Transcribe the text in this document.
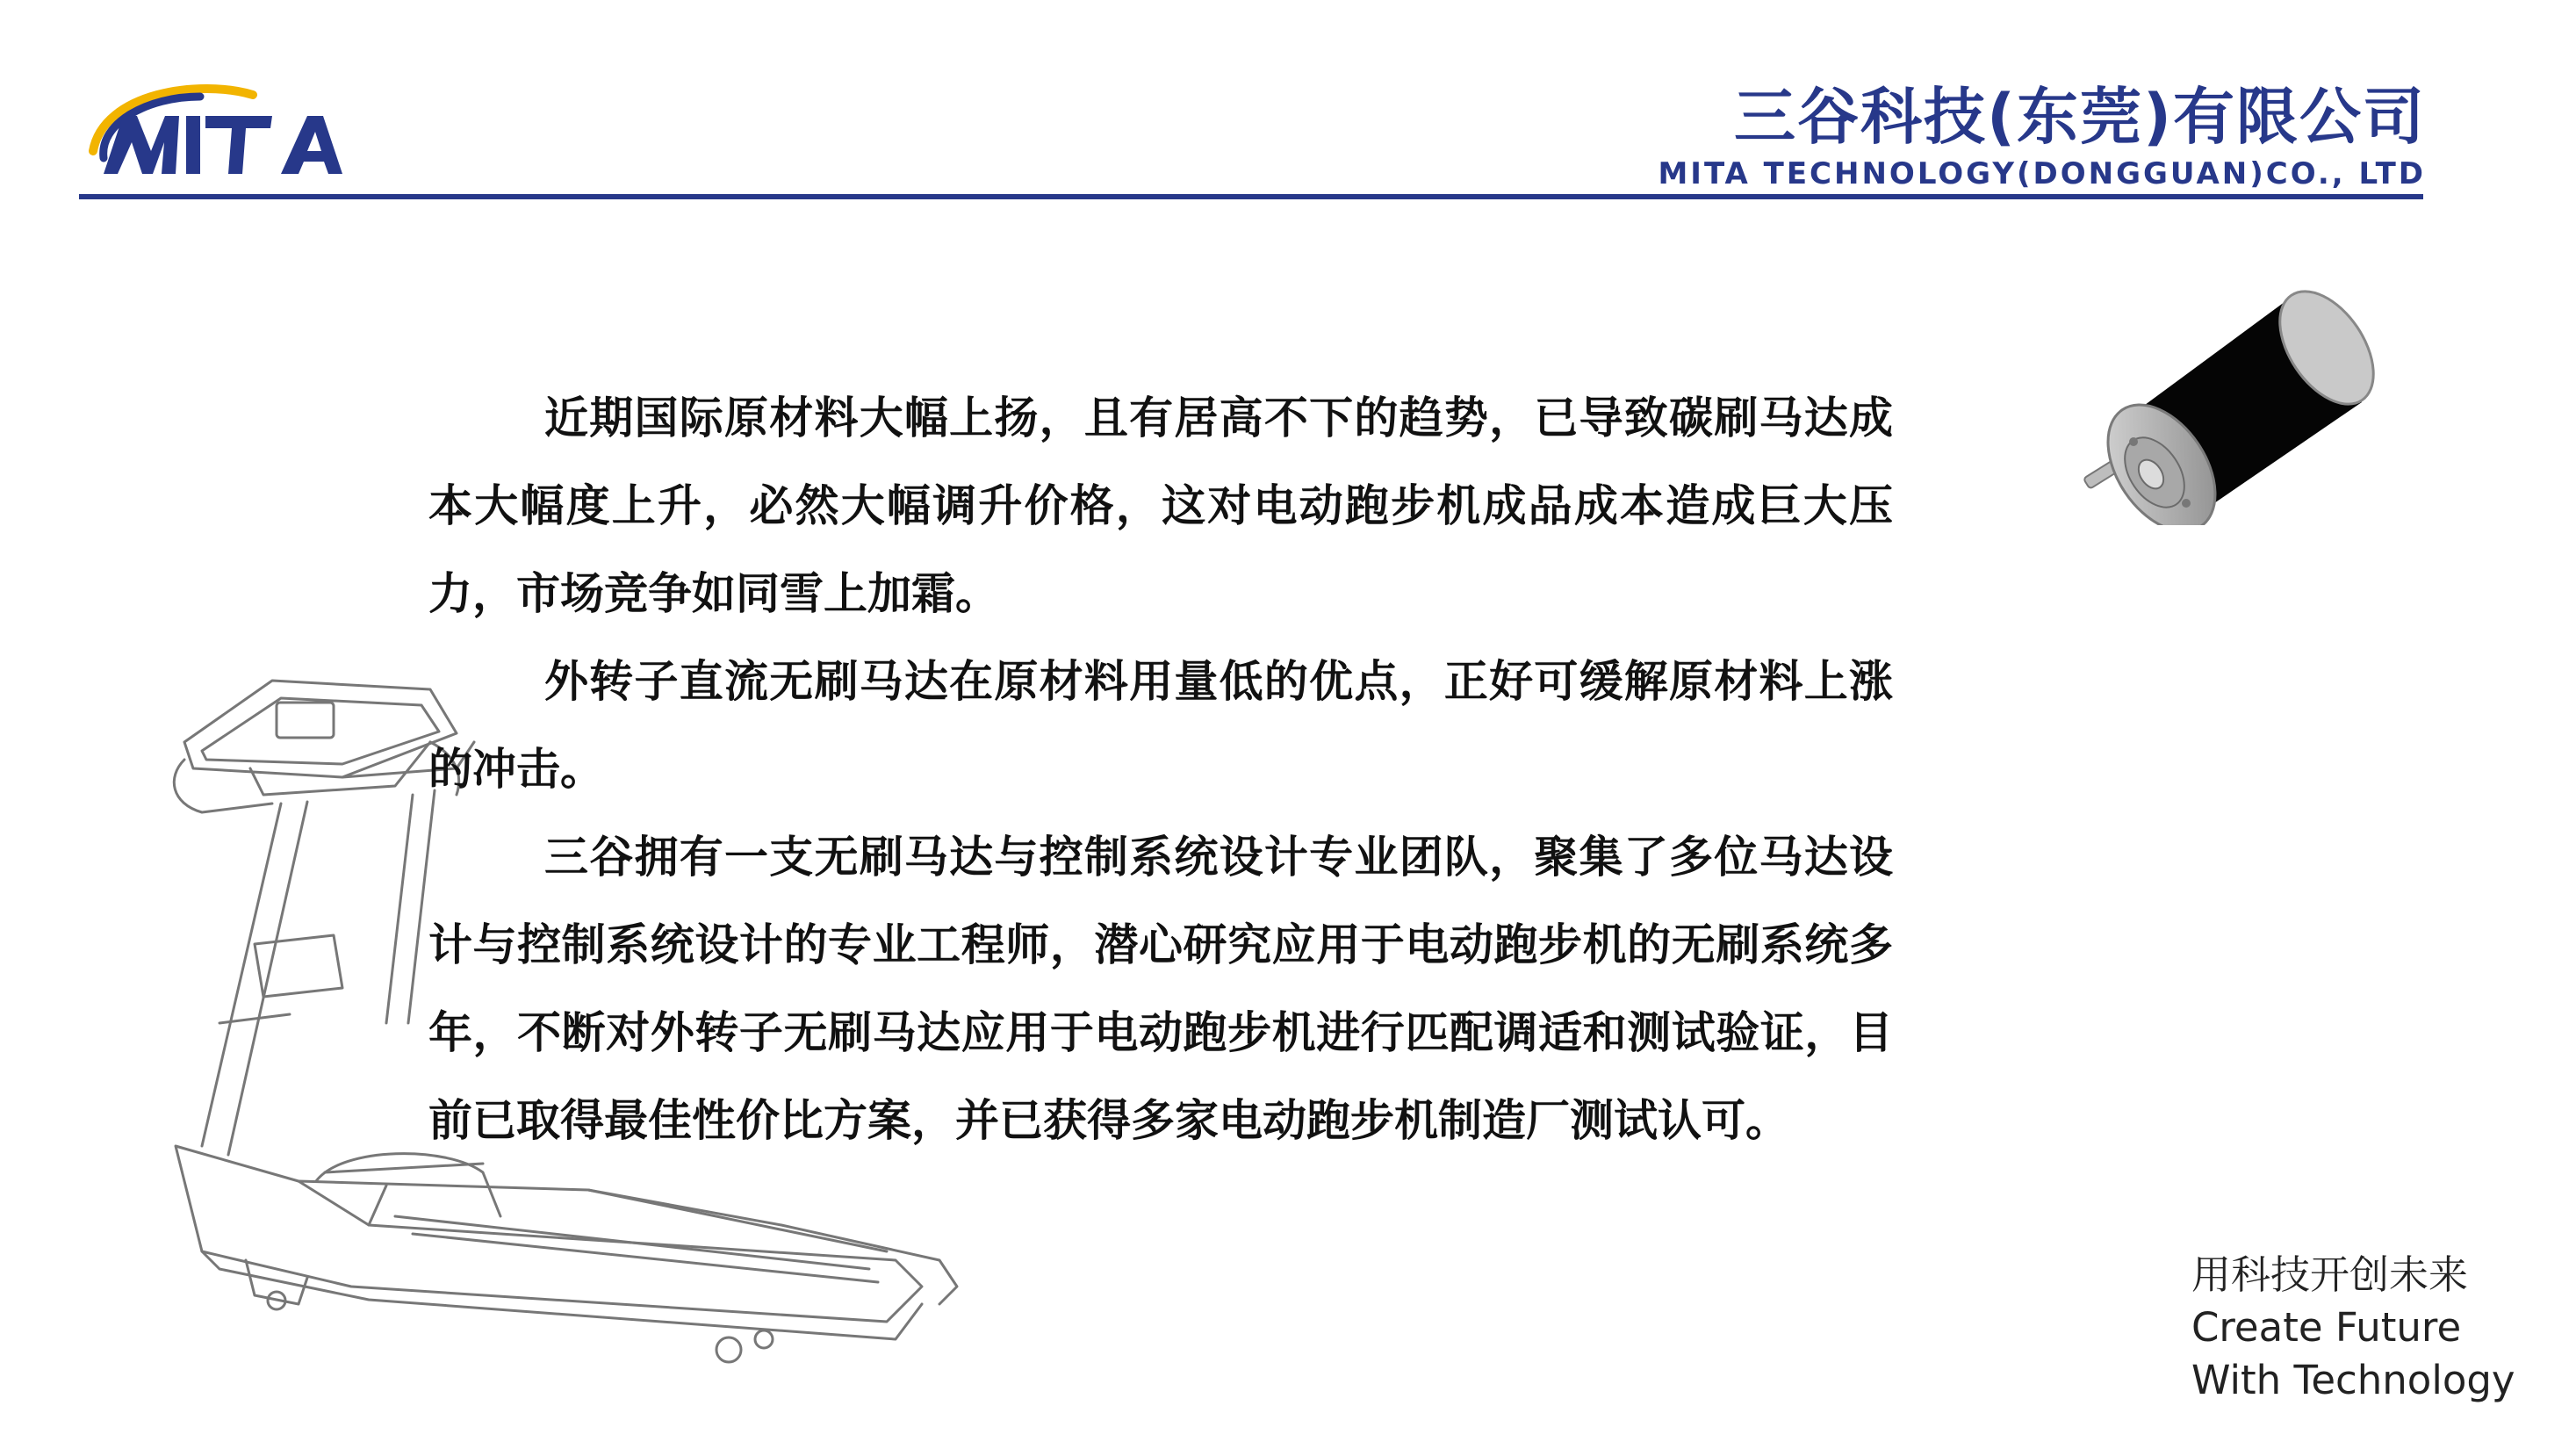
三谷科技(东莞)有限公司
MITA TECHNOLOGY(DONGGUAN)CO., LTD

近期国际原材料大幅上扬，且有居高不下的趋势，已导致碳刷马达成本大幅度上升，必然大幅调升价格，这对电动跑步机成品成本造成巨大压力，市场竞争如同雪上加霜。

外转子直流无刷马达在原材料用量低的优点，正好可缓解原材料上涨的冲击。

三谷拥有一支无刷马达与控制系统设计专业团队，聚集了多位马达设计与控制系统设计的专业工程师，潜心研究应用于电动跑步机的无刷系统多年，不断对外转子无刷马达应用于电动跑步机进行匹配调适和测试验证，目前已取得最佳性价比方案，并已获得多家电动跑步机制造厂测试认可。

用科技开创未来
Create Future
With Technology
